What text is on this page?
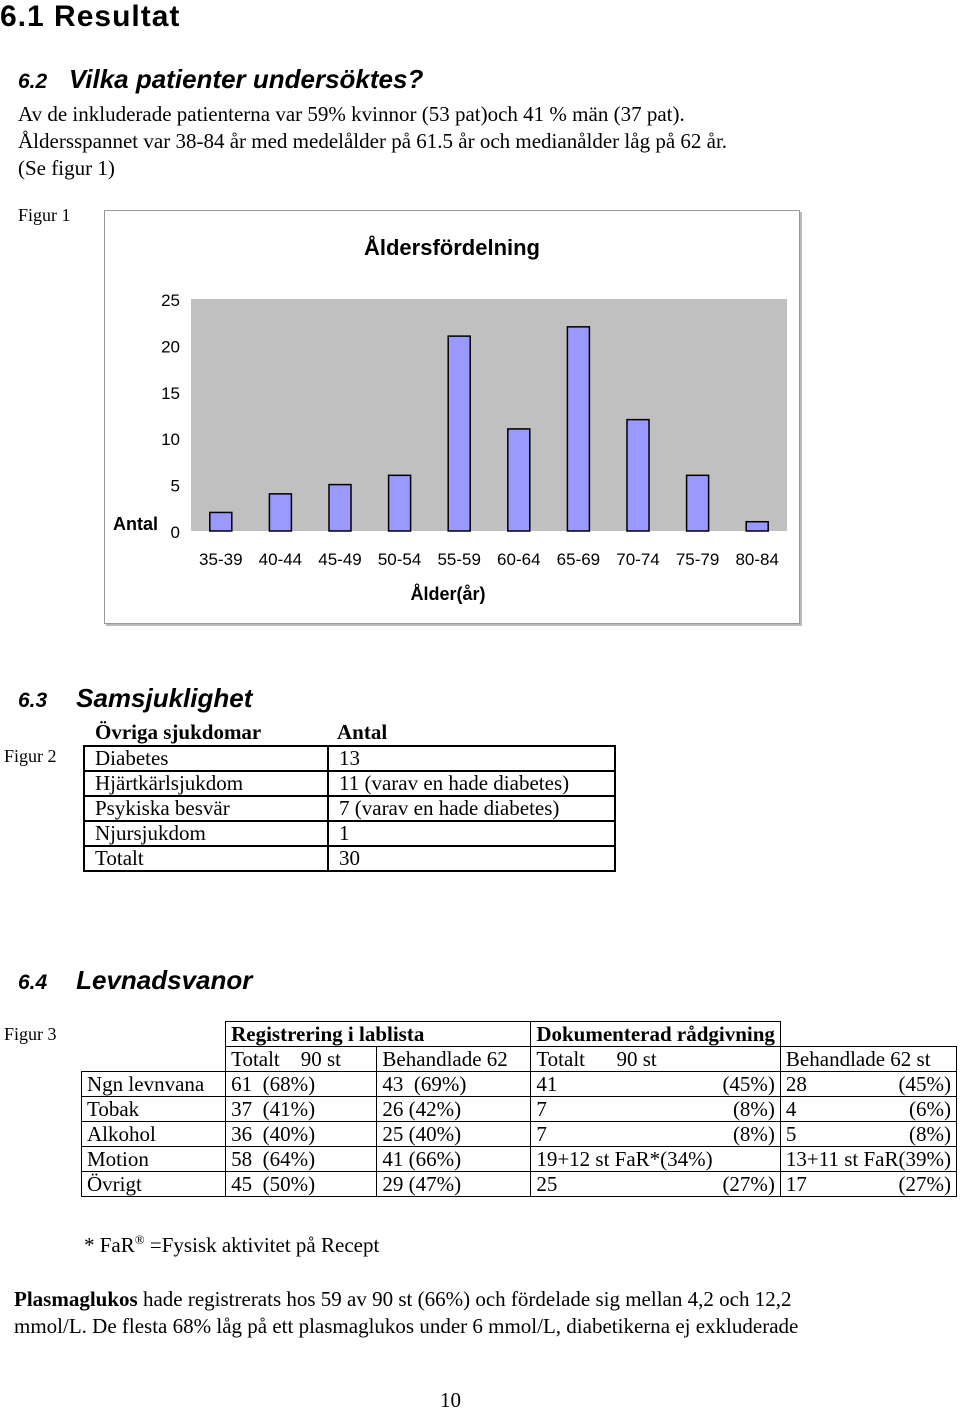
6.1 Resultat
6.2 Vilka patienter undersöktes?
Av de inkluderade patienterna var 59% kvinnor (53 pat)och 41 % män (37 pat).
Åldersspannet var 38-84 år med medelålder på 61.5 år och medianålder låg på 62 år.
(Se figur 1)
Figur 1
Åldersfördelning
0
5
10
15
20
25
35-39 40-44 45-49 50-54 55-59 60-64 65-69 70-74 75-79 80-84
Antal
Ålder(år)
6.3 Samsjuklighet
Övriga sjukdomar	Antal
Figur 2 Diabetes	13
Hjärtkärlsjukdom	11 (varav en hade diabetes)
Psykiska besvär	7 (varav en hade diabetes)
Njursjukdom	1
Totalt	30
6.4 Levnadsvanor
Figur 3
		Registrering i lablista		Dokumenterad rådgivning			
	Totalt    90 st	Behandlade 62	Totalt      90 st		Behandlade 62 st	
Ngn levnvana	61  (68%)	43  (69%)	41	(45%)	28	(45%)
Tobak	37  (41%)	26 (42%)	7	(8%)	4	(6%)
Alkohol	36  (40%)	25 (40%)	7	(8%)	5	(8%)
Motion	58  (64%)	41 (66%)	19+12 st FaR*(34%)		13+11 st FaR(39%)	
Övrigt	45  (50%)	29 (47%)	25	(27%)	17	(27%)
* FaR® =Fysisk aktivitet på Recept
Plasmaglukos hade registrerats hos 59 av 90 st (66%) och fördelade sig mellan 4,2 och 12,2
mmol/L. De flesta 68% låg på ett plasmaglukos under 6 mmol/L, diabetikerna ej exkluderade
10
